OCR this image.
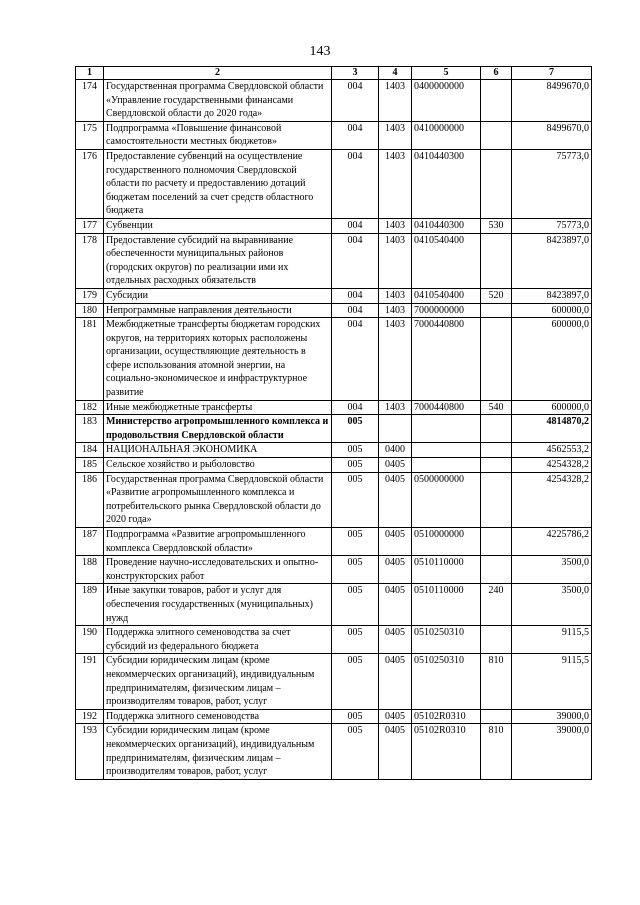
143
1	2	3	4	5	6	7
174	Государственная программа Свердловской области «Управление государственными финансами Свердловской области до 2020 года»	004	1403	0400000000		8499670,0
175	Подпрограмма «Повышение финансовой самостоятельности местных бюджетов»	004	1403	0410000000		8499670,0
176	Предоставление субвенций на осуществление государственного полномочия Свердловской области по расчету и предоставлению дотаций бюджетам поселений за счет средств областного бюджета	004	1403	0410440300		75773,0
177	Субвенции	004	1403	0410440300	530	75773,0
178	Предоставление субсидий на выравнивание обеспеченности муниципальных районов (городских округов) по реализации ими их отдельных расходных обязательств	004	1403	0410540400		8423897,0
179	Субсидии	004	1403	0410540400	520	8423897,0
180	Непрограммные направления деятельности	004	1403	7000000000		600000,0
181	Межбюджетные трансферты бюджетам городских округов, на территориях которых расположены организации, осуществляющие деятельность в сфере использования атомной энергии, на социально-экономическое и инфраструктурное развитие	004	1403	7000440800		600000,0
182	Иные межбюджетные трансферты	004	1403	7000440800	540	600000,0
183	Министерство агропромышленного комплекса и продовольствия Свердловской области	005				4814870,2
184	НАЦИОНАЛЬНАЯ ЭКОНОМИКА	005	0400			4562553,2
185	Сельское хозяйство и рыболовство	005	0405			4254328,2
186	Государственная программа Свердловской области «Развитие агропромышленного комплекса и потребительского рынка Свердловской области до 2020 года»	005	0405	0500000000		4254328,2
187	Подпрограмма «Развитие агропромышленного комплекса Свердловской области»	005	0405	0510000000		4225786,2
188	Проведение научно-исследовательских и опытно-конструкторских работ	005	0405	0510110000		3500,0
189	Иные закупки товаров, работ и услуг для обеспечения государственных (муниципальных) нужд	005	0405	0510110000	240	3500,0
190	Поддержка элитного семеноводства за счет субсидий из федерального бюджета	005	0405	0510250310		9115,5
191	Субсидии юридическим лицам (кроме некоммерческих организаций), индивидуальным предпринимателям, физическим лицам – производителям товаров, работ, услуг	005	0405	0510250310	810	9115,5
192	Поддержка элитного семеноводства	005	0405	05102R0310		39000,0
193	Субсидии юридическим лицам (кроме некоммерческих организаций), индивидуальным предпринимателям, физическим лицам – производителям товаров, работ, услуг	005	0405	05102R0310	810	39000,0
